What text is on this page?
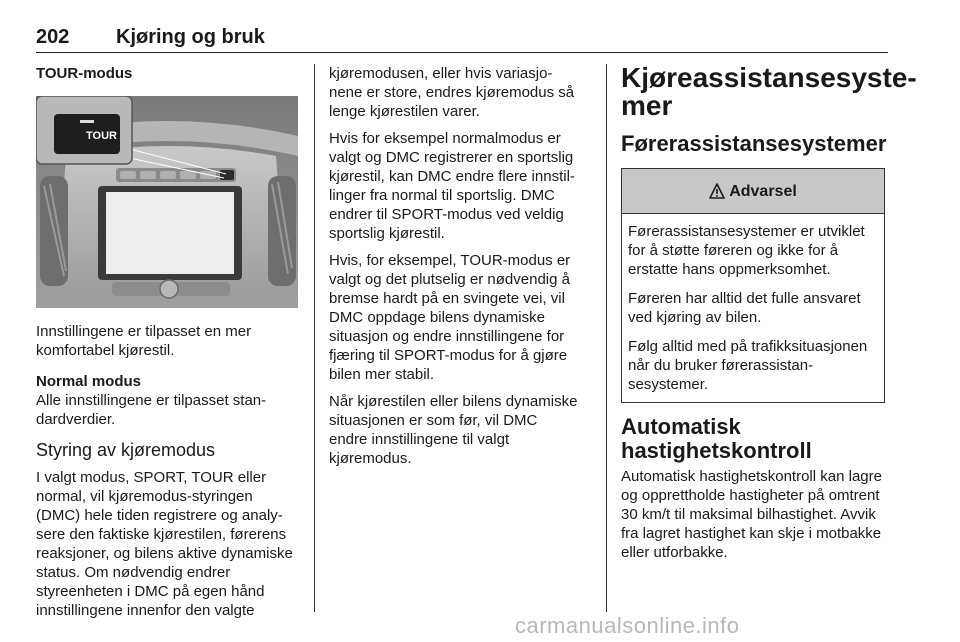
202 Kjøring og bruk

TOUR-modus

TOUR

Innstillingene er tilpasset en mer komfortabel kjørestil.

Normal modus

Alle innstillingene er tilpasset standardverdier.

Styring av kjøremodus

I valgt modus, SPORT, TOUR eller normal, vil kjøremodus-styringen (DMC) hele tiden registrere og analysere den faktiske kjørestilen, førerens reaksjoner, og bilens aktive dynamiske status. Om nødvendig endrer styreenheten i DMC på egen hånd innstillingene innenfor den valgte

kjøremodusen, eller hvis variasjonene er store, endres kjøremodus så lenge kjørestilen varer.

Hvis for eksempel normalmodus er valgt og DMC registrerer en sportslig kjørestil, kan DMC endre flere innstillinger fra normal til sportslig. DMC endrer til SPORT-modus ved veldig sportslig kjørestil.

Hvis, for eksempel, TOUR-modus er valgt og det plutselig er nødvendig å bremse hardt på en svingete vei, vil DMC oppdage bilens dynamiske situasjon og endre innstillingene for fjæring til SPORT-modus for å gjøre bilen mer stabil.

Når kjørestilen eller bilens dynamiske situasjonen er som før, vil DMC endre innstillingene til valgt kjøremodus.

Kjøreassistansesystemer

Førerassistansesystemer

Advarsel

Førerassistansesystemer er utviklet for å støtte føreren og ikke for å erstatte hans oppmerksomhet.

Føreren har alltid det fulle ansvaret ved kjøring av bilen.

Følg alltid med på trafikksituasjonen når du bruker førerassistansesystemer.

Automatisk hastighetskontroll

Automatisk hastighetskontroll kan lagre og opprettholde hastigheter på omtrent 30 km/t til maksimal bilhastighet. Avvik fra lagret hastighet kan skje i motbakke eller utforbakke.

carmanualsonline.info
